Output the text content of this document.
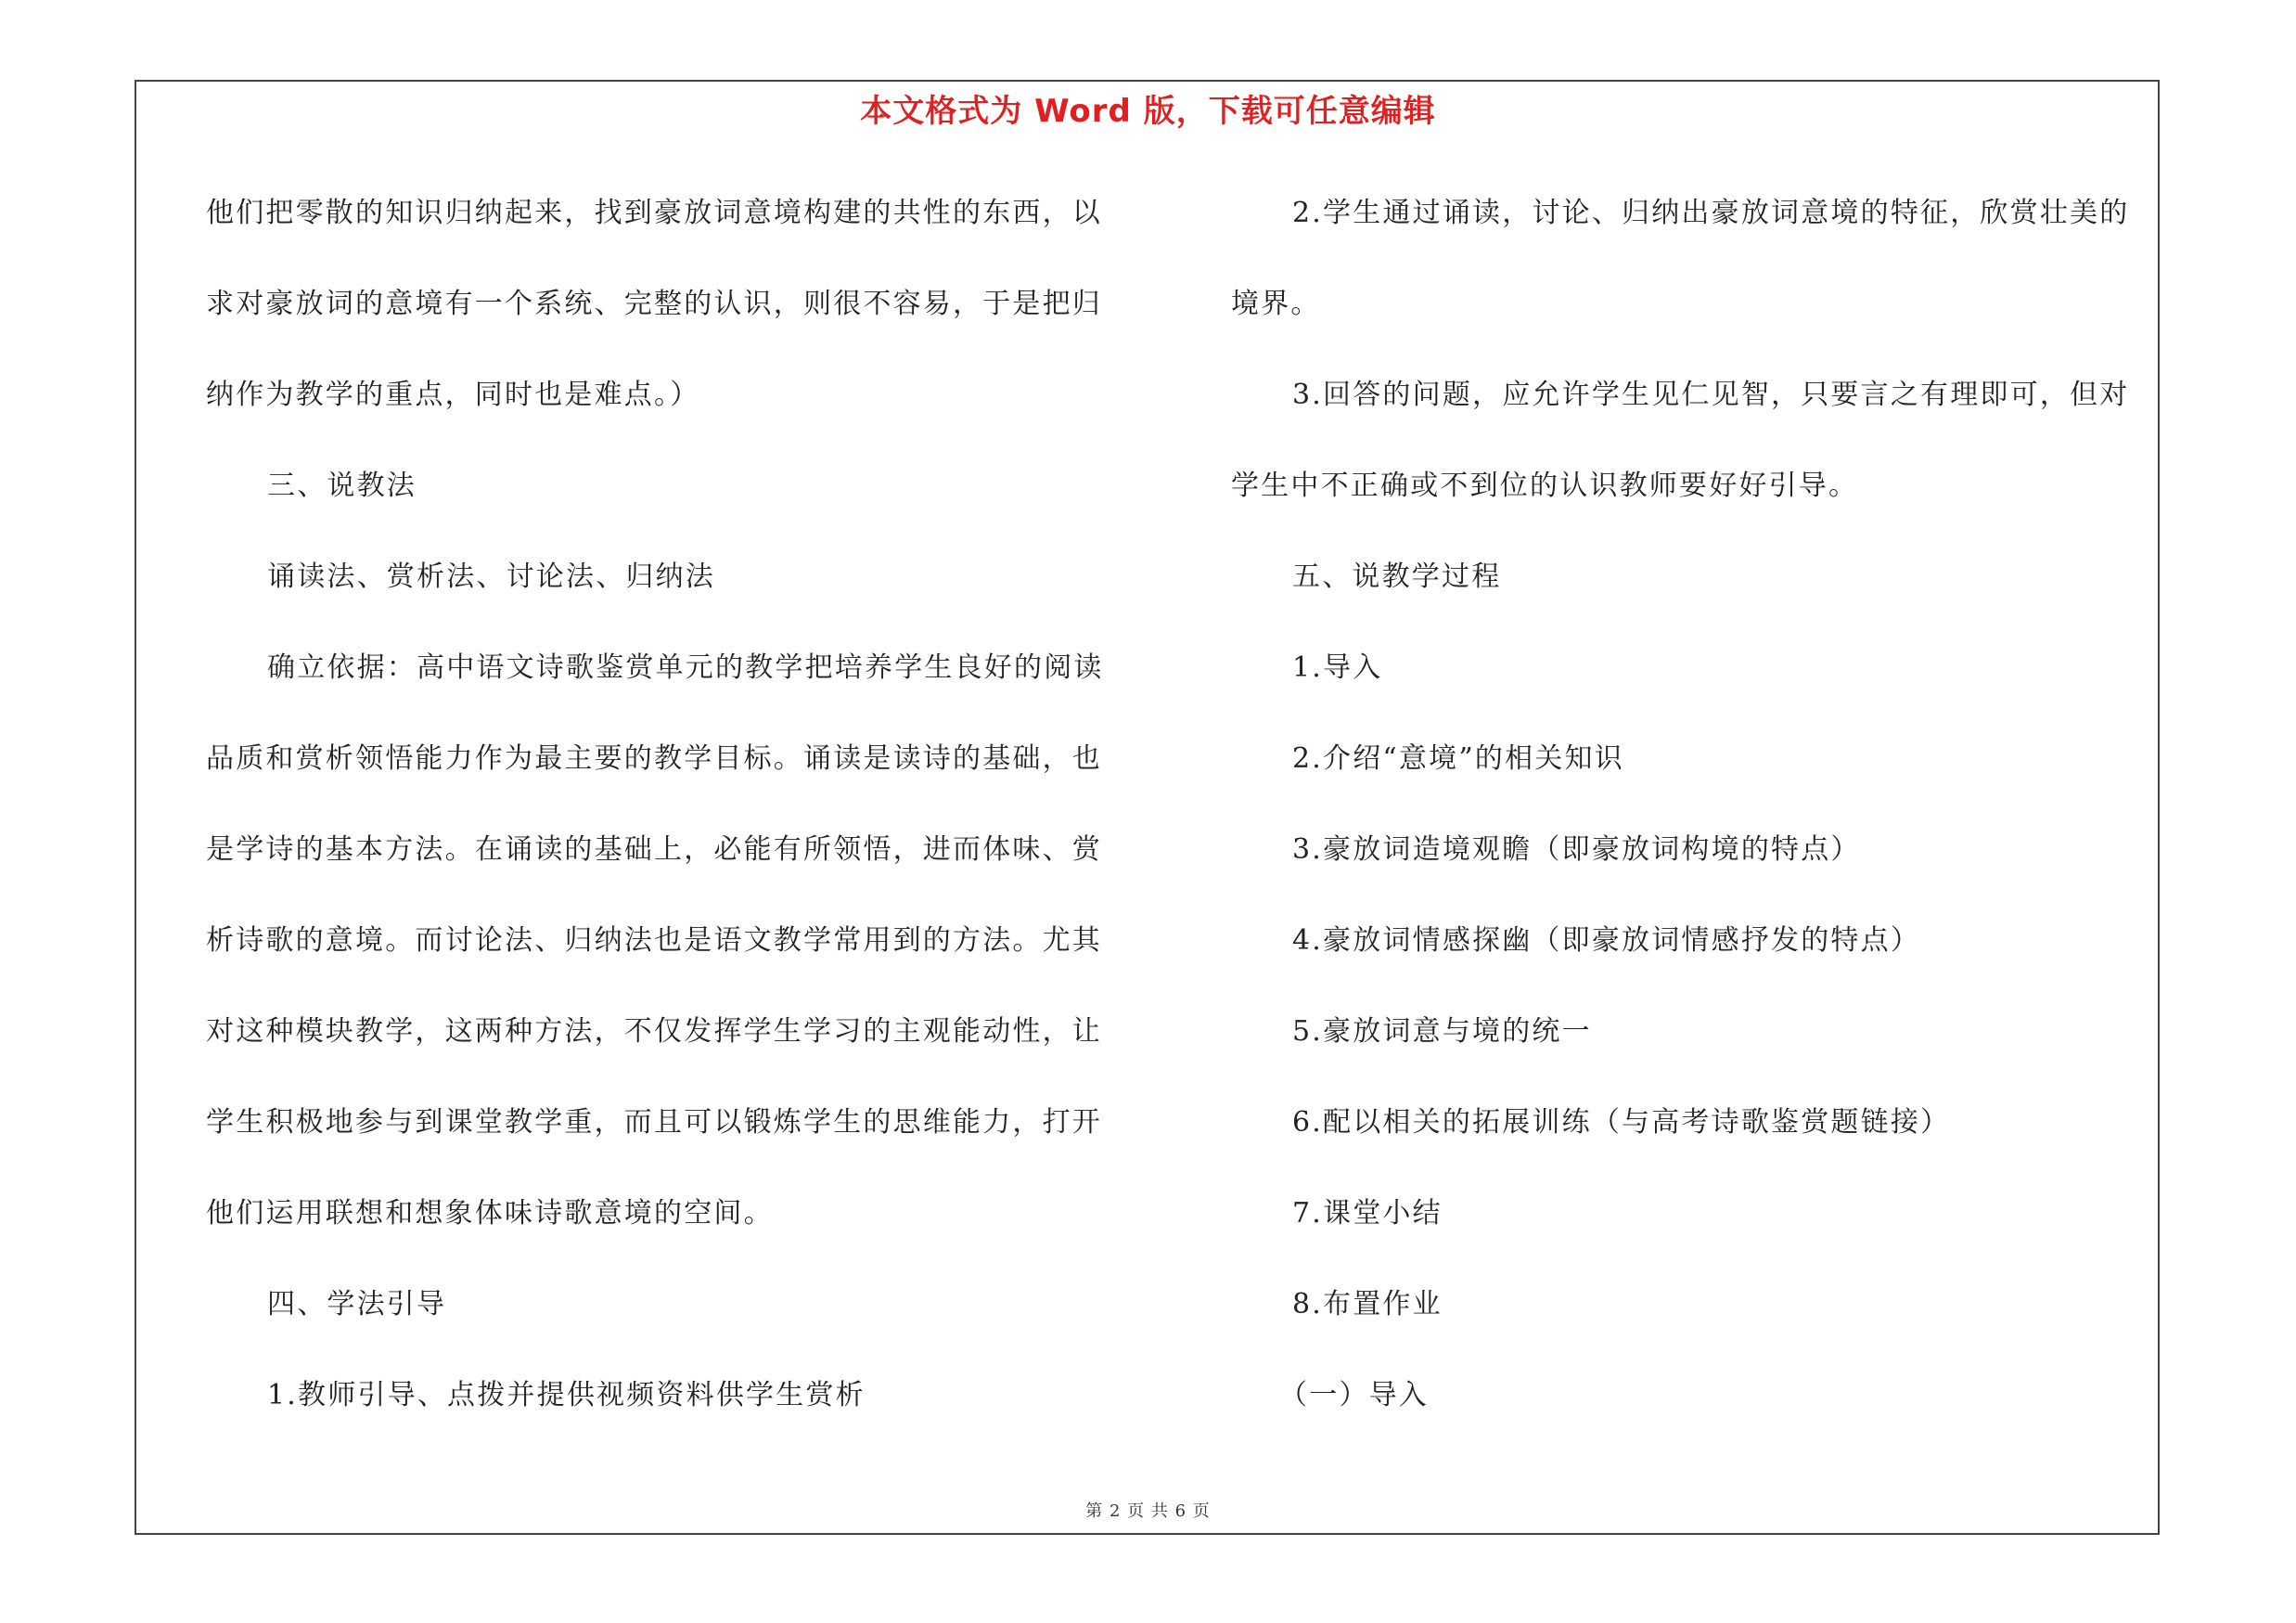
本文格式为 Word 版，下载可任意编辑
他们把零散的知识归纳起来，找到豪放词意境构建的共性的东西，以
求对豪放词的意境有一个系统、完整的认识，则很不容易，于是把归
纳作为教学的重点，同时也是难点。）
三、说教法
诵读法、赏析法、讨论法、归纳法
确立依据：高中语文诗歌鉴赏单元的教学把培养学生良好的阅读
品质和赏析领悟能力作为最主要的教学目标。诵读是读诗的基础，也
是学诗的基本方法。在诵读的基础上，必能有所领悟，进而体味、赏
析诗歌的意境。而讨论法、归纳法也是语文教学常用到的方法。尤其
对这种模块教学，这两种方法，不仅发挥学生学习的主观能动性，让
学生积极地参与到课堂教学重，而且可以锻炼学生的思维能力，打开
他们运用联想和想象体味诗歌意境的空间。
四、学法引导
1.教师引导、点拨并提供视频资料供学生赏析
2.学生通过诵读，讨论、归纳出豪放词意境的特征，欣赏壮美的
境界。
3.回答的问题，应允许学生见仁见智，只要言之有理即可，但对
学生中不正确或不到位的认识教师要好好引导。
五、说教学过程
1.导入
2.介绍“意境”的相关知识
3.豪放词造境观瞻（即豪放词构境的特点）
4.豪放词情感探幽（即豪放词情感抒发的特点）
5.豪放词意与境的统一
6.配以相关的拓展训练（与高考诗歌鉴赏题链接）
7.课堂小结
8.布置作业
（一）导入
第 2 页 共 6 页
